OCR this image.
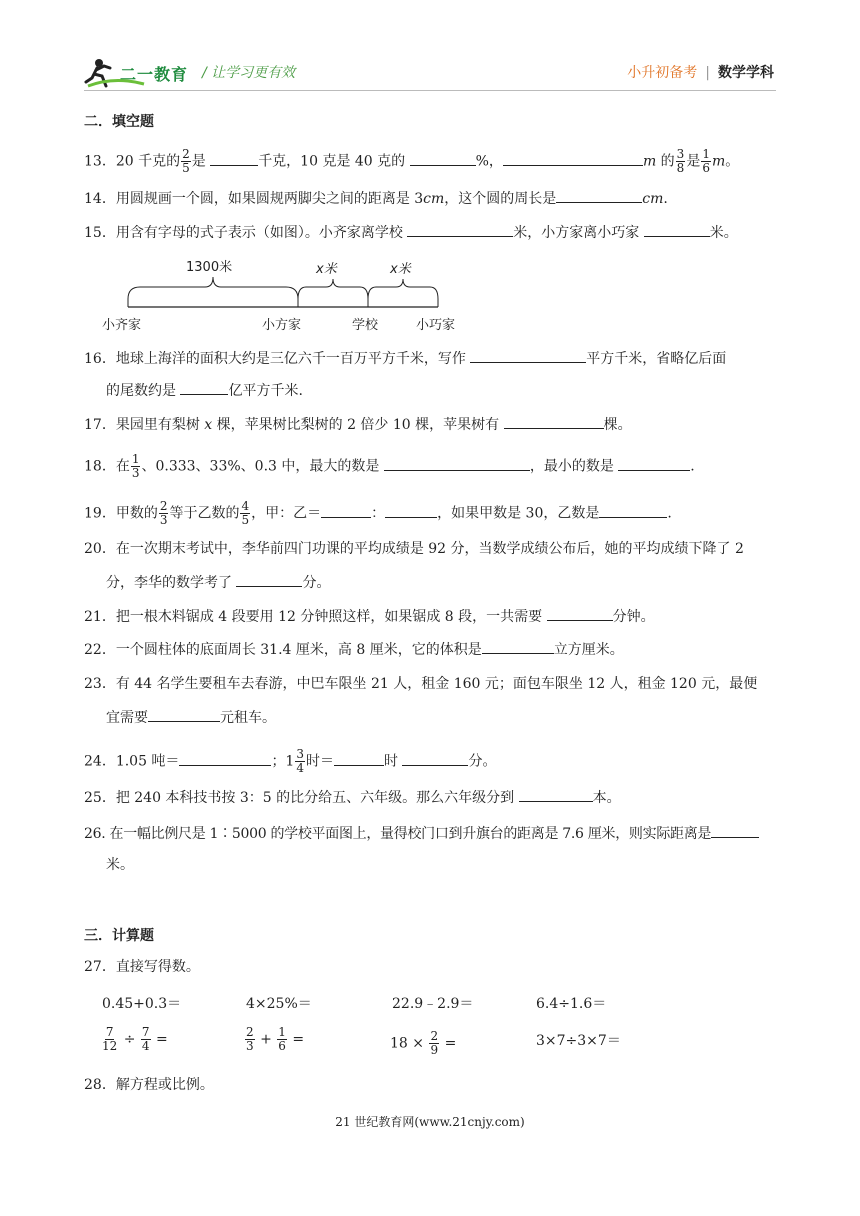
二一教育 / 让学习更有效	小升初备考 | 数学学科
二．填空题
13．20 千克的 $\frac{2}{5}$ 是	千克，10 克是 40 克的	%，	m 的 $\frac{3}{8}$ 是 $\frac{1}{6}$ m。
14．用圆规画一个圆，如果圆规两脚尖之间的距离是 3cm，这个圆的周长是	cm.
15．用含有字母的式子表示（如图）。小齐家离学校	米，小方家离小巧家	米。
1300米	x米	x米
小齐家	小方家	学校	小巧家
16．地球上海洋的面积大约是三亿六千一百万平方千米，写作	平方千米，省略亿后面
的尾数约是	亿平方千米.
17．果园里有梨树 x 棵，苹果树比梨树的 2 倍少 10 棵，苹果树有	棵。
18．在 $\frac{1}{3}$ 、0.333、33%、0.3 中，最大的数是	，最小的数是	.
19．甲数的 $\frac{2}{3}$ 等于乙数的 $\frac{4}{5}$ ，甲：乙＝	：	，如果甲数是 30，乙数是	.
20．在一次期末考试中，李华前四门功课的平均成绩是 92 分，当数学成绩公布后，她的平均成绩下降了 2
分，李华的数学考了	分。
21．把一根木料锯成 4 段要用 12 分钟照这样，如果锯成 8 段，一共需要	分钟。
22．一个圆柱体的底面周长 31.4 厘米，高 8 厘米，它的体积是	立方厘米。
23．有 44 名学生要租车去春游，中巴车限坐 21 人，租金 160 元；面包车限坐 12 人，租金 120 元，最便
宜需要	元租车。
24．1.05 吨＝	；$1 \frac{3}{4}$ 时＝	时	分。
25．把 240 本科技书按 3：5 的比分给五、六年级。那么六年级分到	本。
26. 在一幅比例尺是 1∶5000 的学校平面图上，量得校门口到升旗台的距离是 7.6 厘米，则实际距离是
米。
三．计算题
27．直接写得数。
0.45+0.3＝	4×25%＝	22.9﹣2.9＝	6.4÷1.6＝
$\frac{7}{12} \div \frac{7}{4}$ =	$\frac{2}{3} + \frac{1}{6}$ =	$18 \times \frac{2}{9}$ =	3×7÷3×7＝
28．解方程或比例。
21 世纪教育网(www.21cnjy.com)
